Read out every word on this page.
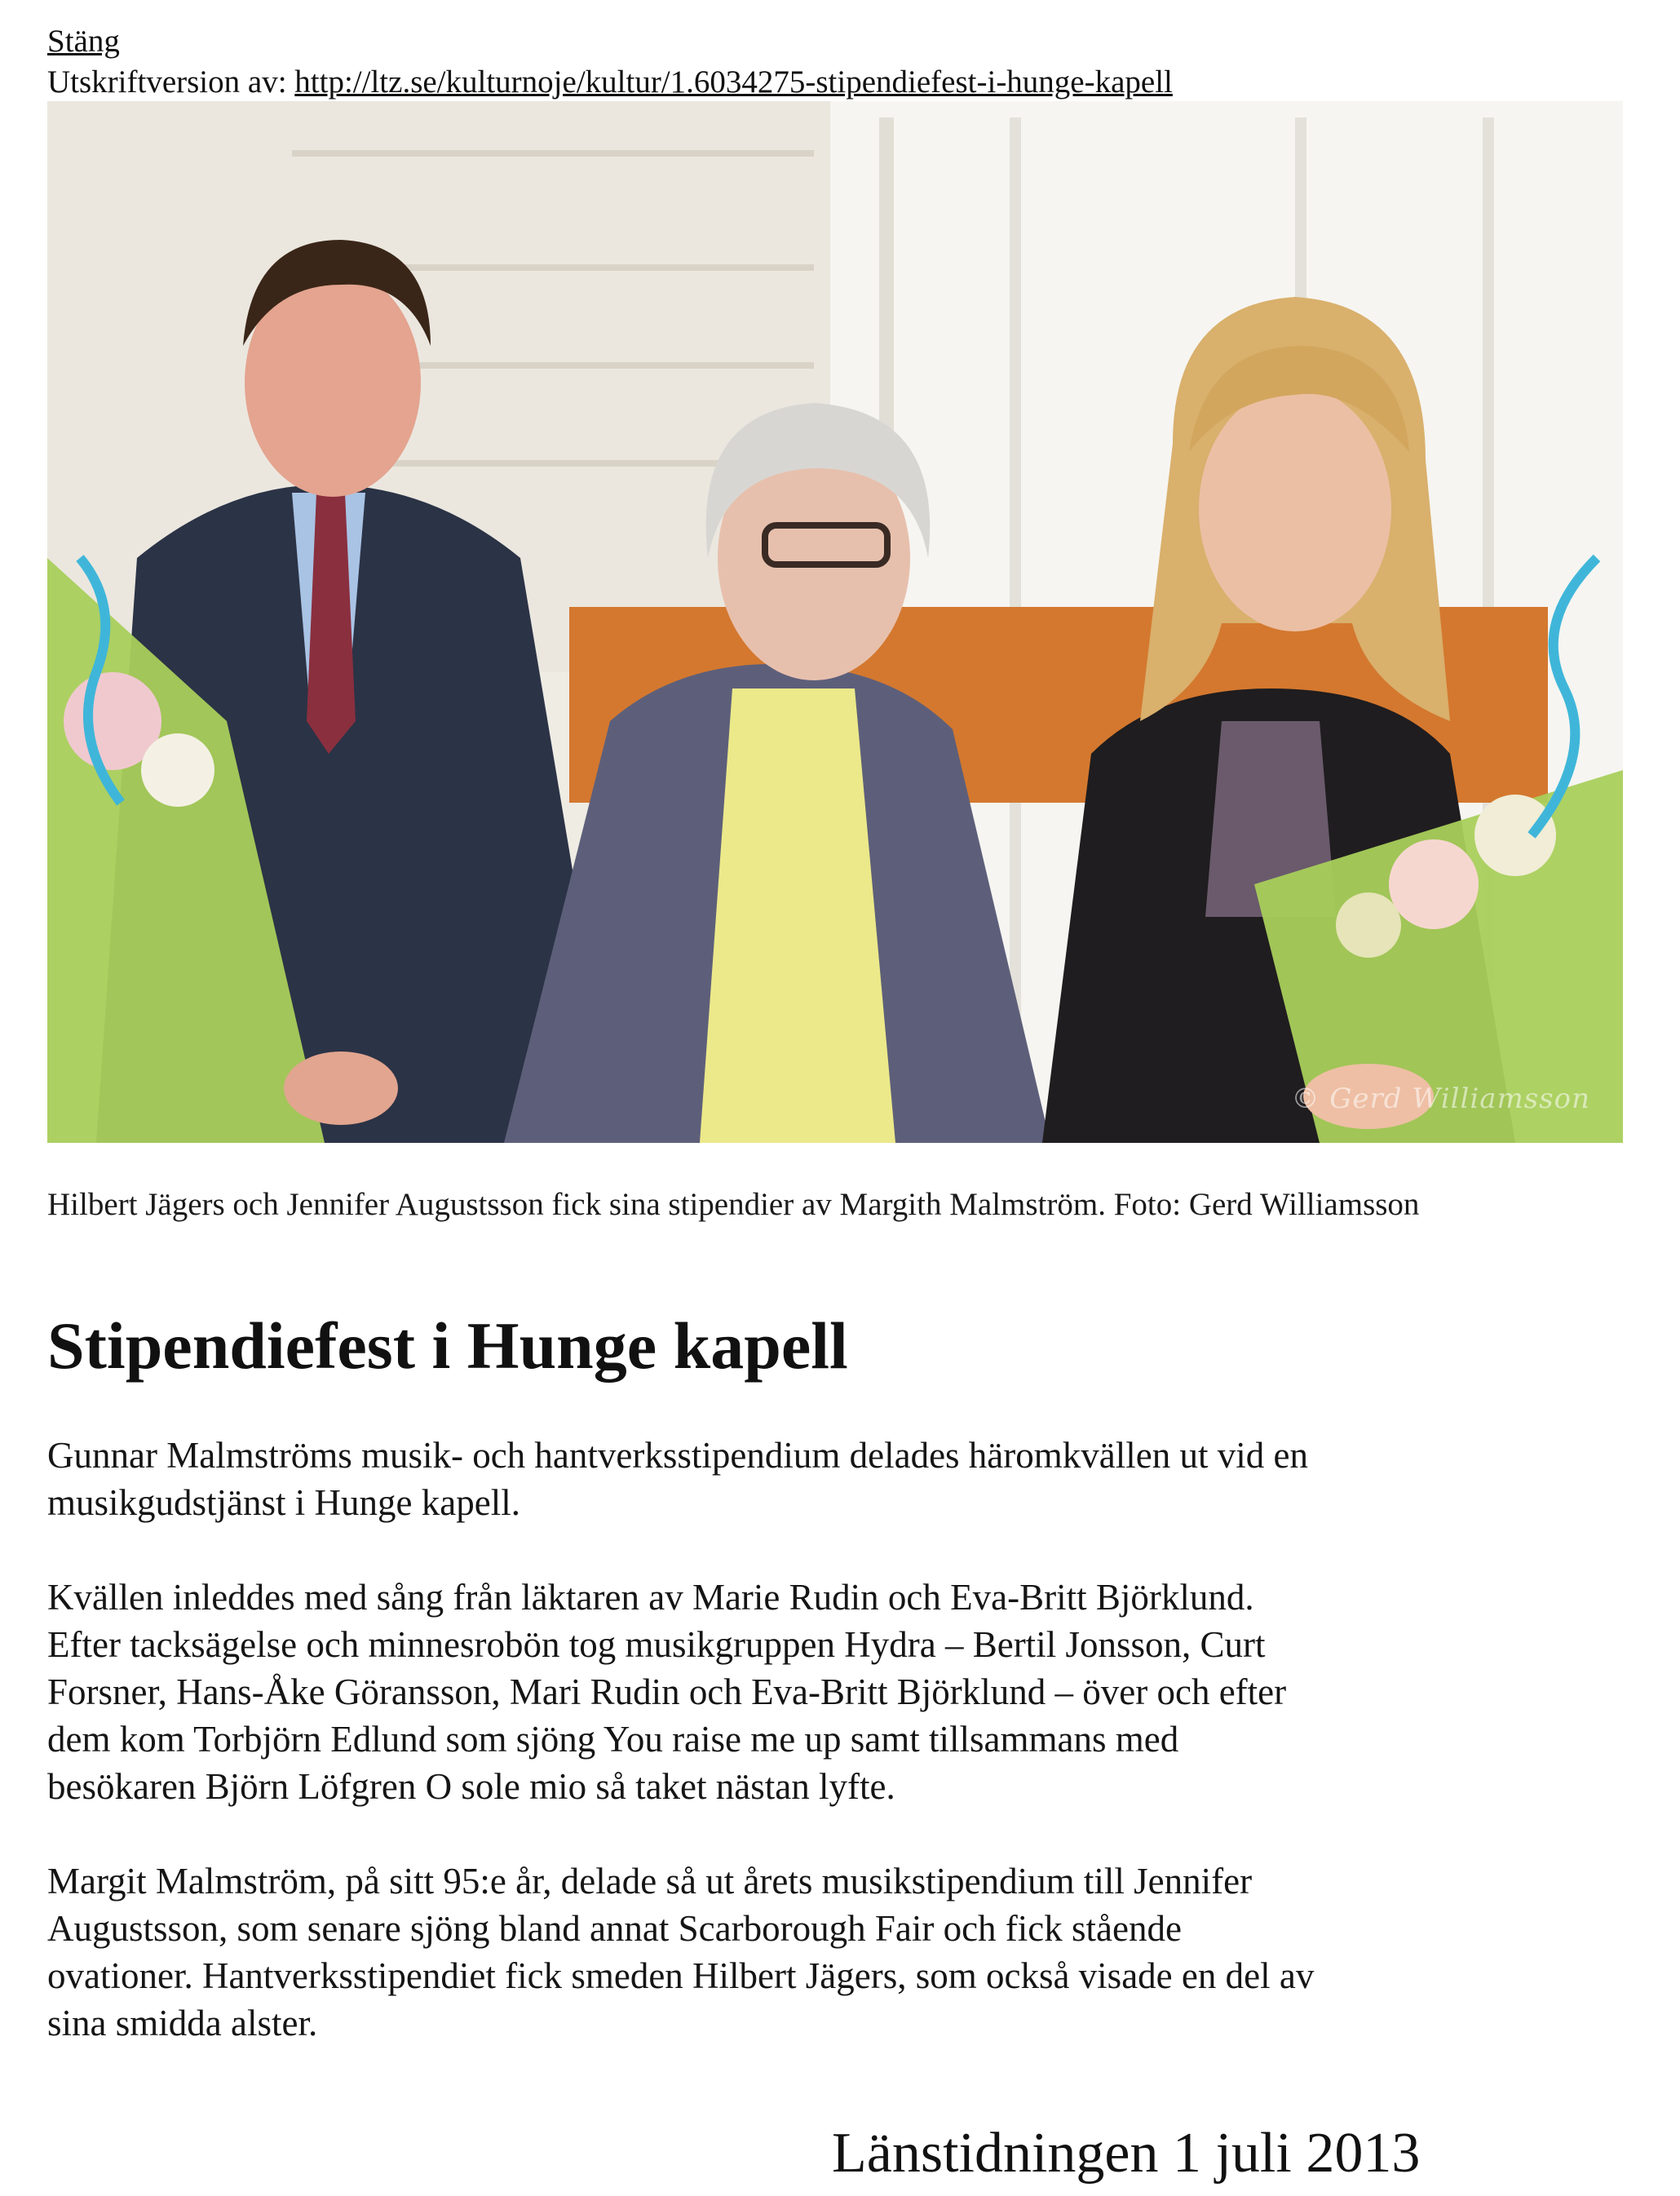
Stäng
Utskriftversion av: http://ltz.se/kulturnoje/kultur/1.6034275-stipendiefest-i-hunge-kapell
© Gerd Williamsson
Hilbert Jägers och Jennifer Augustsson fick sina stipendier av Margith Malmström. Foto: Gerd Williamsson
Stipendiefest i Hunge kapell

Gunnar Malmströms musik- och hantverksstipendium delades häromkvällen ut vid en musikgudstjänst i Hunge kapell.

Kvällen inleddes med sång från läktaren av Marie Rudin och Eva-Britt Björklund. Efter tacksägelse och minnesrobön tog musikgruppen Hydra – Bertil Jonsson, Curt Forsner, Hans-Åke Göransson, Mari Rudin och Eva-Britt Björklund – över och efter dem kom Torbjörn Edlund som sjöng You raise me up samt tillsammans med besökaren Björn Löfgren O sole mio så taket nästan lyfte.

Margit Malmström, på sitt 95:e år, delade så ut årets musikstipendium till Jennifer Augustsson, som senare sjöng bland annat Scarborough Fair och fick stående ovationer. Hantverksstipendiet fick smeden Hilbert Jägers, som också visade en del av sina smidda alster.

Länstidningen 1 juli 2013
